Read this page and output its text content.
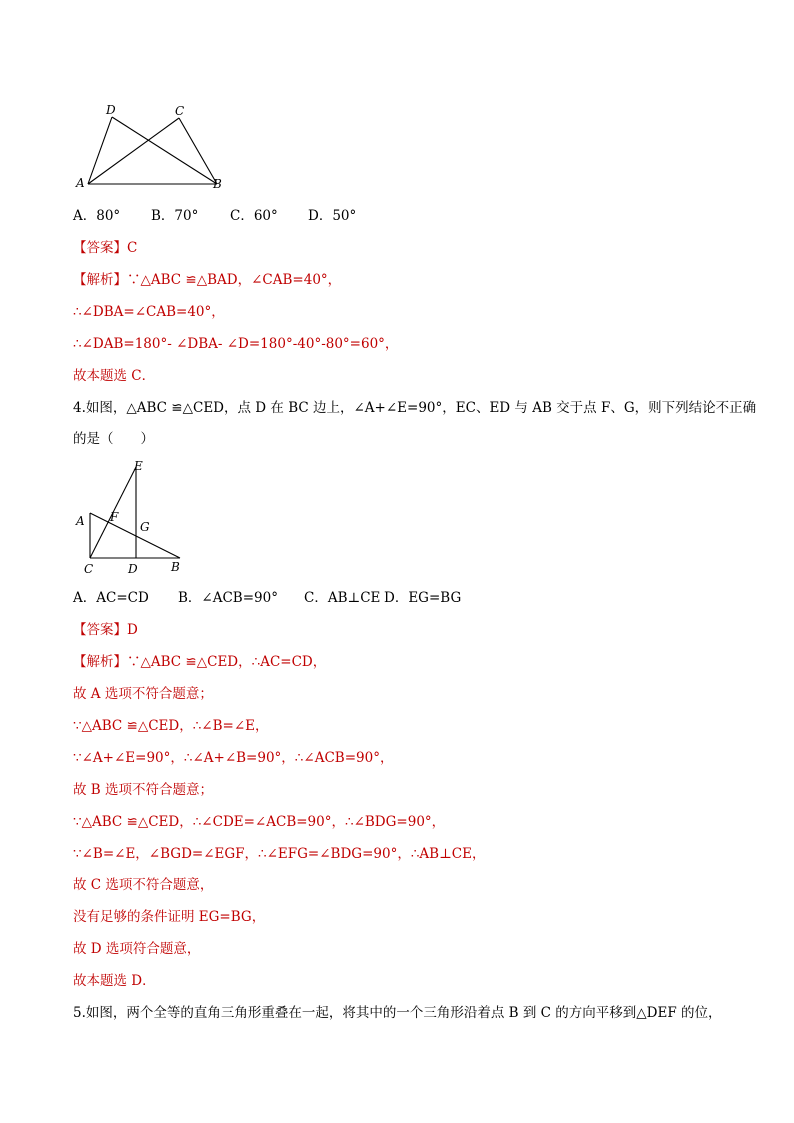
D	C
A	B
A．80° B．70° C．60° D．50°
【答案】C
【解析】∵△ABC ≌△BAD，∠CAB=40°，
∴∠DBA=∠CAB=40°，
∴∠DAB=180°- ∠DBA- ∠D=180°-40°-80°=60°，
故本题选 C．
4.如图，△ABC ≌△CED，点 D 在 BC 边上，∠A+∠E=90°，EC、ED 与 AB 交于点 F、G，则下列结论不正确
的是（　　）
E
A F
G
C	D	B
A．AC=CD B．∠ACB=90° C．AB⊥CE D．EG=BG
【答案】D
【解析】∵△ABC ≌△CED，∴AC=CD，
故 A 选项不符合题意；
∵△ABC ≌△CED，∴∠B=∠E，
∵∠A+∠E=90°，∴∠A+∠B=90°，∴∠ACB=90°，
故 B 选项不符合题意；
∵△ABC ≌△CED，∴∠CDE=∠ACB=90°，∴∠BDG=90°，
∵∠B=∠E，∠BGD=∠EGF，∴∠EFG=∠BDG=90°，∴AB⊥CE，
故 C 选项不符合题意，
没有足够的条件证明 EG=BG，
故 D 选项符合题意，
故本题选 D．
5.如图，两个全等的直角三角形重叠在一起，将其中的一个三角形沿着点 B 到 C 的方向平移到△DEF 的位，
